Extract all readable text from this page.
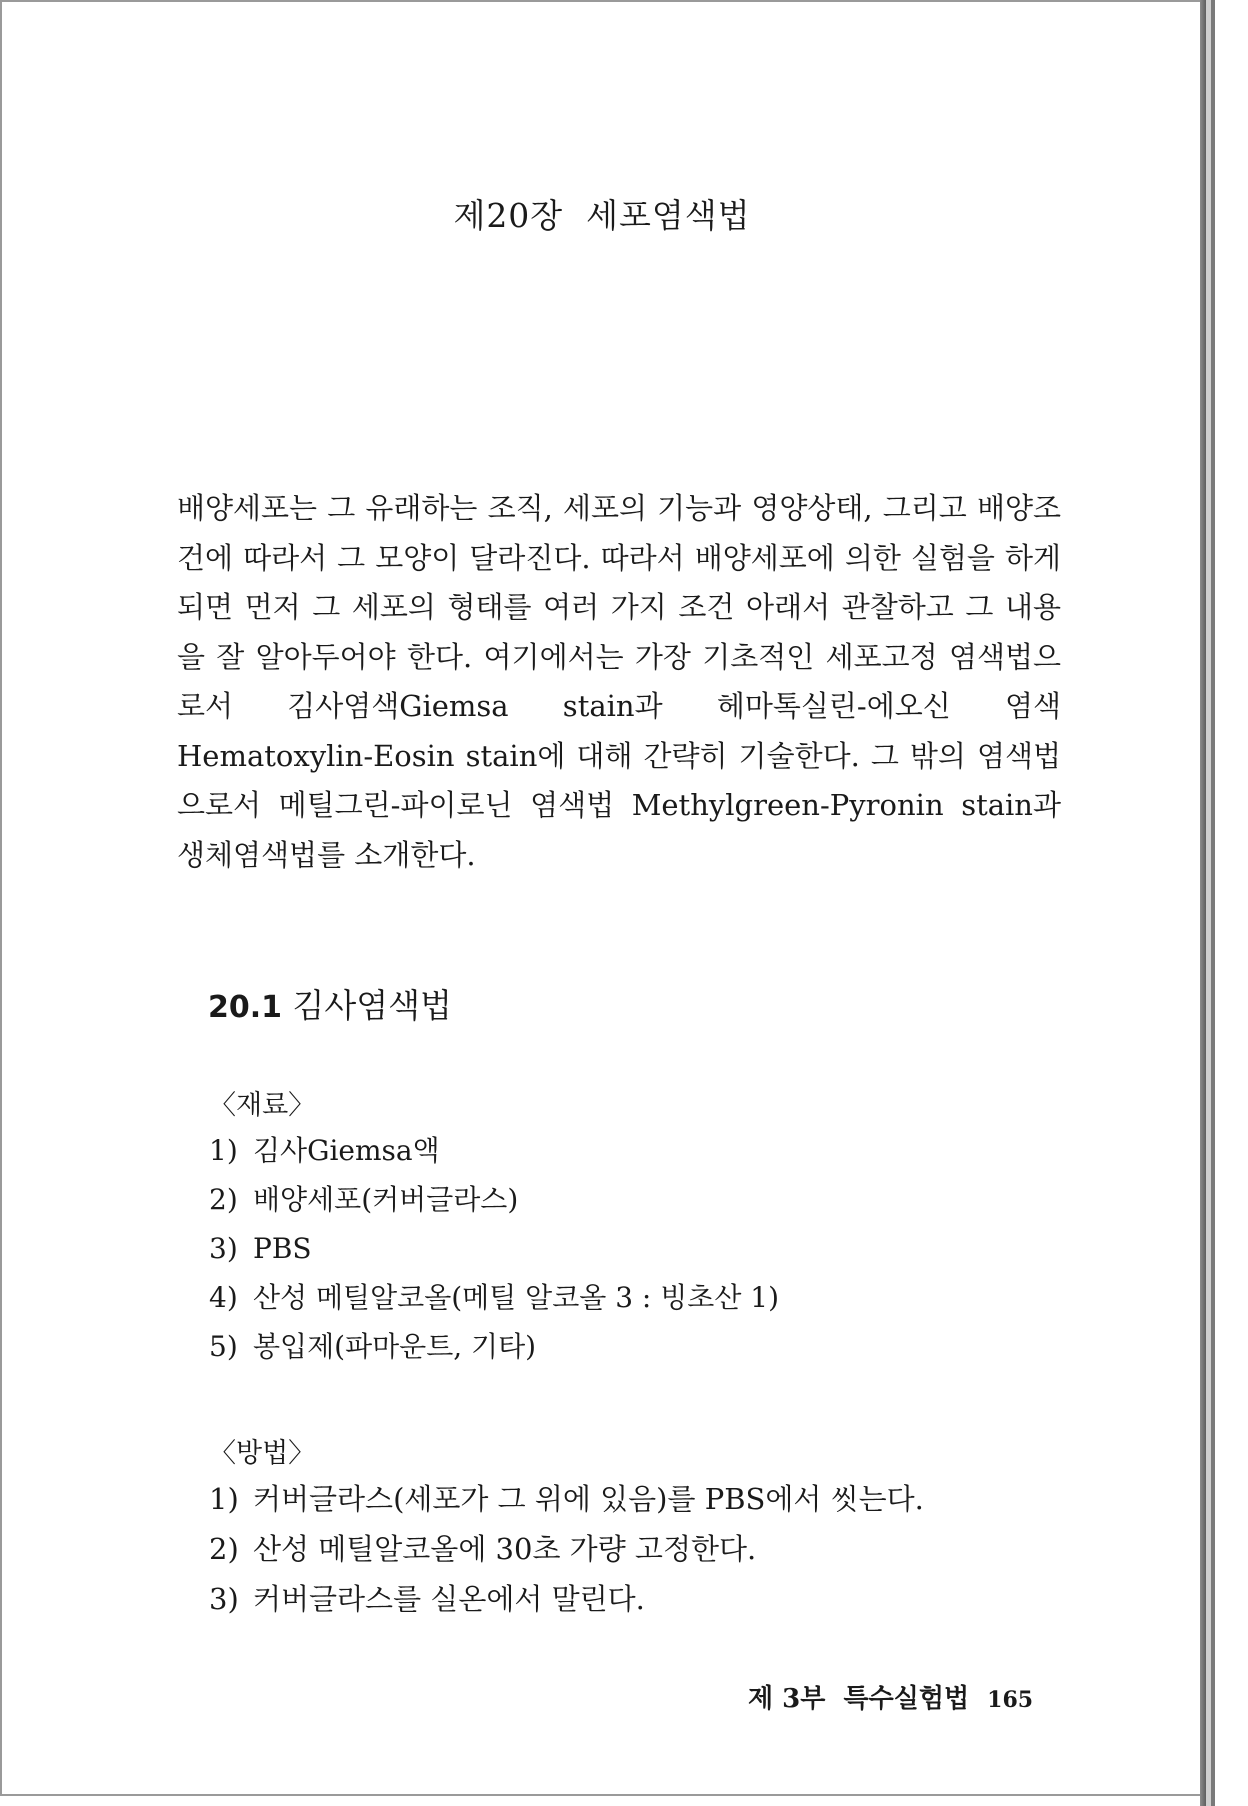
제20장  세포염색법
배양세포는 그 유래하는 조직, 세포의 기능과 영양상태, 그리고 배양조건에 따라서 그 모양이 달라진다. 따라서 배양세포에 의한 실험을 하게 되면 먼저 그 세포의 형태를 여러 가지 조건 아래서 관찰하고 그 내용을 잘 알아두어야 한다. 여기에서는 가장 기초적인 세포고정 염색법으로서 김사염색Giemsa stain과 헤마톡실린-에오신 염색Hematoxylin-Eosin stain에 대해 간략히 기술한다. 그 밖의 염색법으로서 메틸그린-파이로닌 염색법 Methylgreen-Pyronin stain과 생체염색법를 소개한다.
20.1 김사염색법
〈재료〉
1) 김사Giemsa액
2) 배양세포(커버글라스)
3) PBS
4) 산성 메틸알코올(메틸 알코올 3 : 빙초산 1)
5) 봉입제(파마운트, 기타)
〈방법〉
1) 커버글라스(세포가 그 위에 있음)를 PBS에서 씻는다.
2) 산성 메틸알코올에 30초 가량 고정한다.
3) 커버글라스를 실온에서 말린다.
제 3부  특수실험법 165
